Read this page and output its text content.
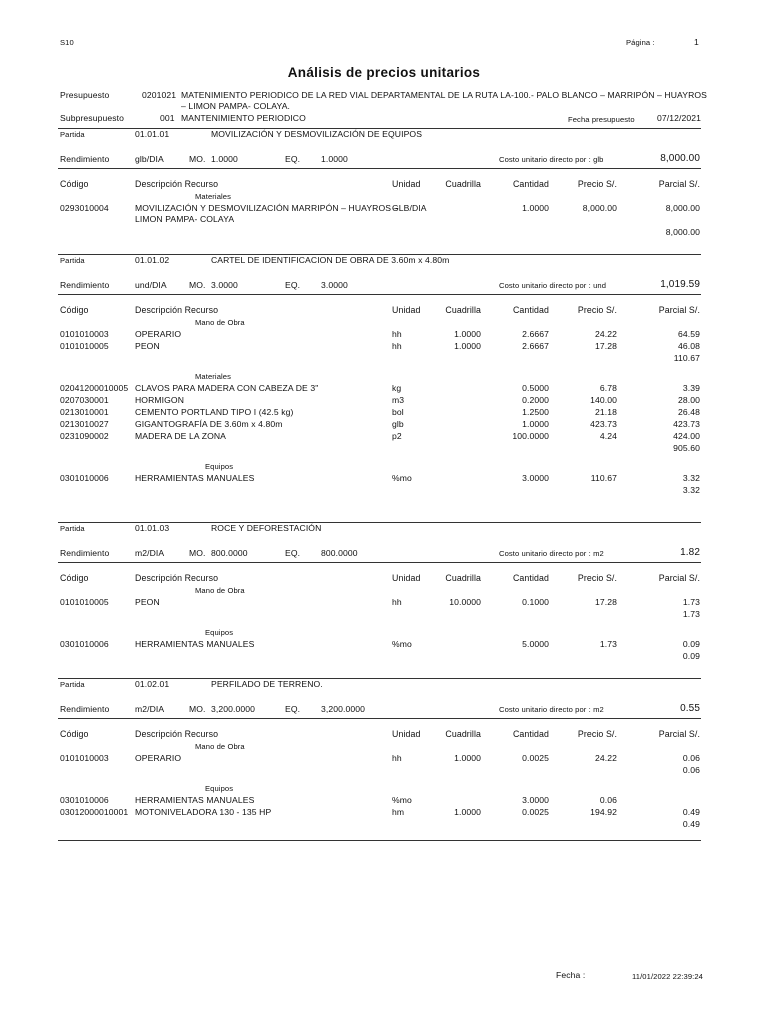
S10	Página :	1
Análisis de precios unitarios
Presupuesto	0201021 MATENIMIENTO PERIODICO DE LA RED VIAL DEPARTAMENTAL DE LA RUTA LA-100.- PALO BLANCO – MARRIPÓN – HUAYROS
– LIMON PAMPA- COLAYA.
Subpresupuesto	001 MANTENIMIENTO PERIODICO	Fecha presupuesto	07/12/2021
Partida	01.01.01	MOVILIZACIÓN Y DESMOVILIZACIÓN DE EQUIPOS
Rendimiento	glb/DIA	MO. 1.0000	EQ. 1.0000	Costo unitario directo por : glb	8,000.00
Código	Descripción Recurso	Unidad	Cuadrilla	Cantidad	Precio S/.	Parcial S/.
Materiales
0293010004	MOVILIZACIÓN Y DESMOVILIZACIÓN MARRIPÓN – HUAYROS –
GLB/DIA	1.0000	8,000.00	8,000.00
LIMON PAMPA- COLAYA
8,000.00
Partida	01.01.02	CARTEL DE IDENTIFICACION DE OBRA DE 3.60m x 4.80m
Rendimiento	und/DIA	MO. 3.0000	EQ. 3.0000	Costo unitario directo por : und	1,019.59
Código	Descripción Recurso	Unidad	Cuadrilla	Cantidad	Precio S/.	Parcial S/.
Mano de Obra
0101010003	OPERARIO	hh	1.0000	2.6667	24.22	64.59
0101010005	PEON	hh	1.0000	2.6667	17.28	46.08
110.67
Materiales
02041200010005 CLAVOS PARA MADERA CON CABEZA DE 3"	kg	0.5000	6.78	3.39
0207030001	HORMIGON	m3	0.2000	140.00	28.00
0213010001	CEMENTO PORTLAND TIPO I (42.5 kg)	bol	1.2500	21.18	26.48
0213010027	GIGANTOGRAFÍA DE 3.60m x 4.80m	glb	1.0000	423.73	423.73
0231090002	MADERA DE LA ZONA	p2	100.0000	4.24	424.00
905.60
Equipos
0301010006	HERRAMIENTAS MANUALES	%mo	3.0000	110.67	3.32
3.32
Partida	01.01.03	ROCE Y DEFORESTACIÓN
Rendimiento	m2/DIA	MO. 800.0000	EQ. 800.0000	Costo unitario directo por : m2	1.82
Código	Descripción Recurso	Unidad	Cuadrilla	Cantidad	Precio S/.	Parcial S/.
Mano de Obra
0101010005	PEON	hh	10.0000	0.1000	17.28	1.73
1.73
Equipos
0301010006	HERRAMIENTAS MANUALES	%mo	5.0000	1.73	0.09
0.09
Partida	01.02.01	PERFILADO DE TERRENO.
Rendimiento	m2/DIA	MO. 3,200.0000	EQ. 3,200.0000	Costo unitario directo por : m2	0.55
Código	Descripción Recurso	Unidad	Cuadrilla	Cantidad	Precio S/.	Parcial S/.
Mano de Obra
0101010003	OPERARIO	hh	1.0000	0.0025	24.22	0.06
0.06
Equipos
0301010006	HERRAMIENTAS MANUALES	%mo	3.0000	0.06
03012000010001 MOTONIVELADORA 130 - 135 HP	hm	1.0000	0.0025	194.92	0.49
0.49
Fecha :	11/01/2022 22:39:24
